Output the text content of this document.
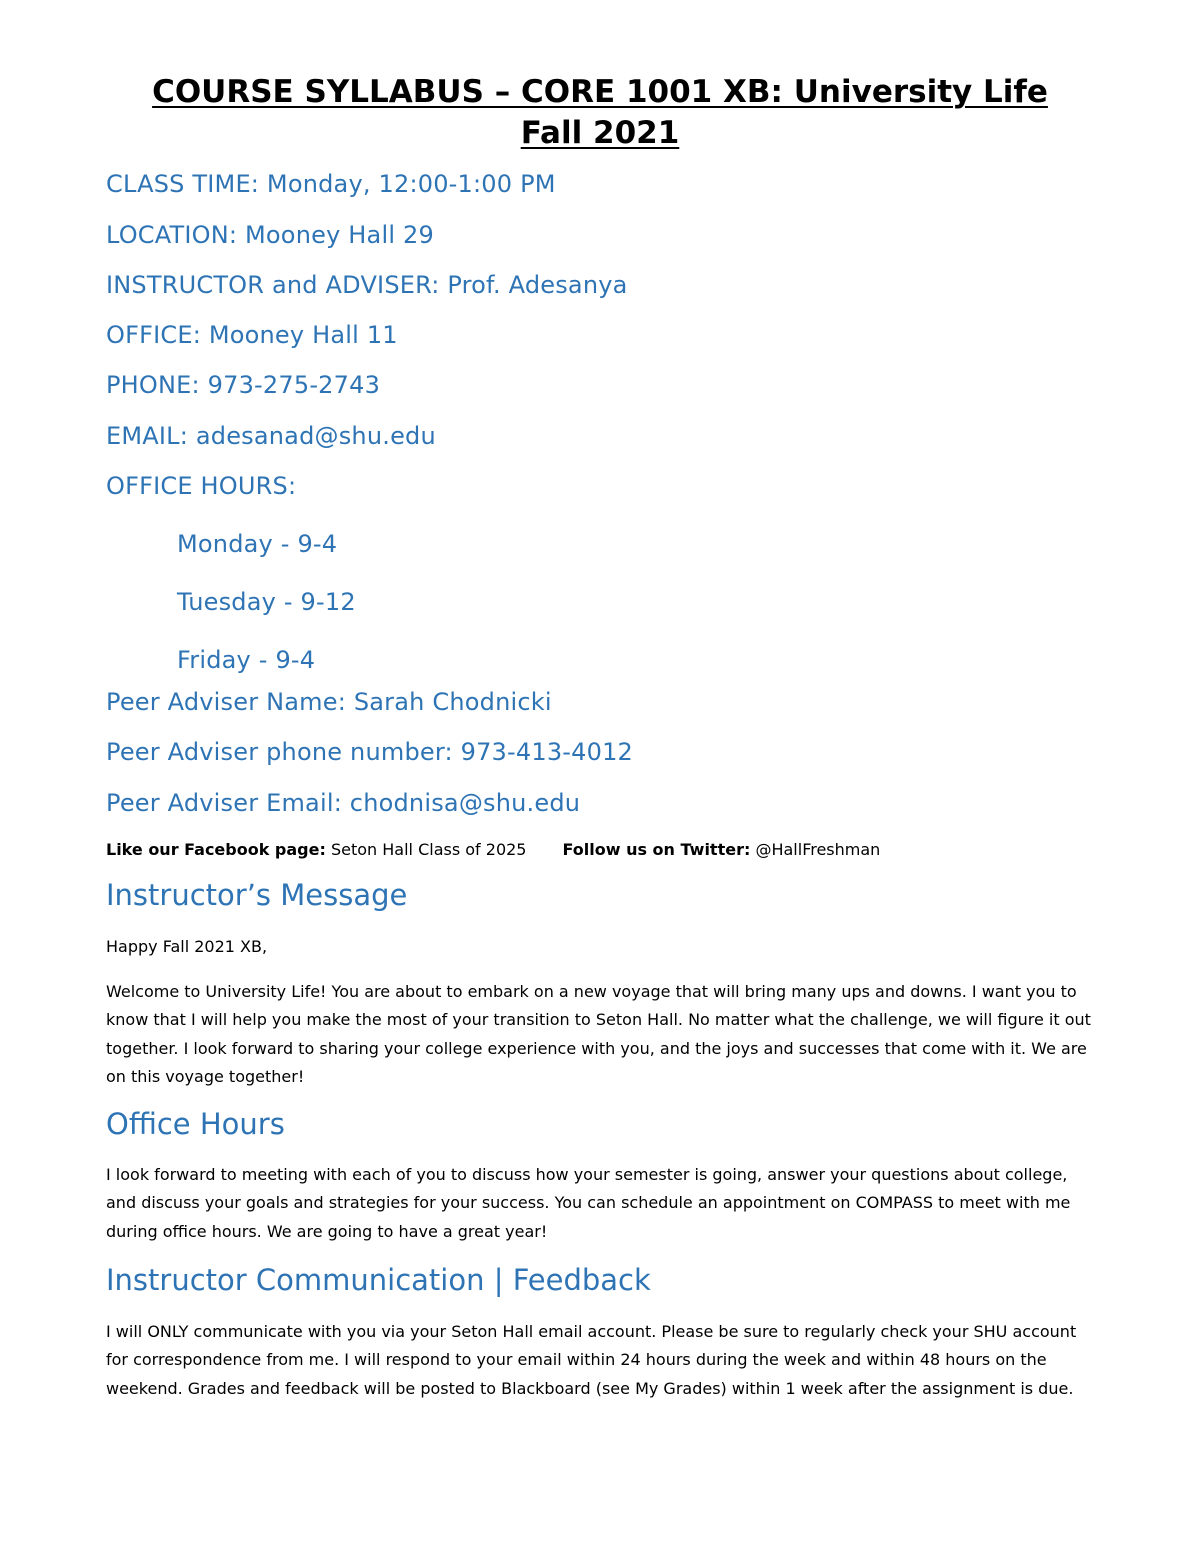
COURSE SYLLABUS – CORE 1001 XB: University Life
Fall 2021
CLASS TIME: Monday, 12:00-1:00 PM
LOCATION: Mooney Hall 29
INSTRUCTOR and ADVISER: Prof. Adesanya
OFFICE: Mooney Hall 11
PHONE: 973-275-2743
EMAIL: adesanad@shu.edu
OFFICE HOURS:
Monday - 9-4
Tuesday - 9-12
Friday - 9-4
Peer Adviser Name: Sarah Chodnicki
Peer Adviser phone number: 973-413-4012
Peer Adviser Email: chodnisa@shu.edu
Like our Facebook page: Seton Hall Class of 2025 Follow us on Twitter: @HallFreshman
Instructor’s Message

Happy Fall 2021 XB,

Welcome to University Life! You are about to embark on a new voyage that will bring many ups and downs. I want you to know that I will help you make the most of your transition to Seton Hall. No matter what the challenge, we will figure it out together. I look forward to sharing your college experience with you, and the joys and successes that come with it. We are on this voyage together!

Office Hours

I look forward to meeting with each of you to discuss how your semester is going, answer your questions about college, and discuss your goals and strategies for your success. You can schedule an appointment on COMPASS to meet with me during office hours. We are going to have a great year!

Instructor Communication | Feedback

I will ONLY communicate with you via your Seton Hall email account. Please be sure to regularly check your SHU account for correspondence from me. I will respond to your email within 24 hours during the week and within 48 hours on the weekend. Grades and feedback will be posted to Blackboard (see My Grades) within 1 week after the assignment is due.
